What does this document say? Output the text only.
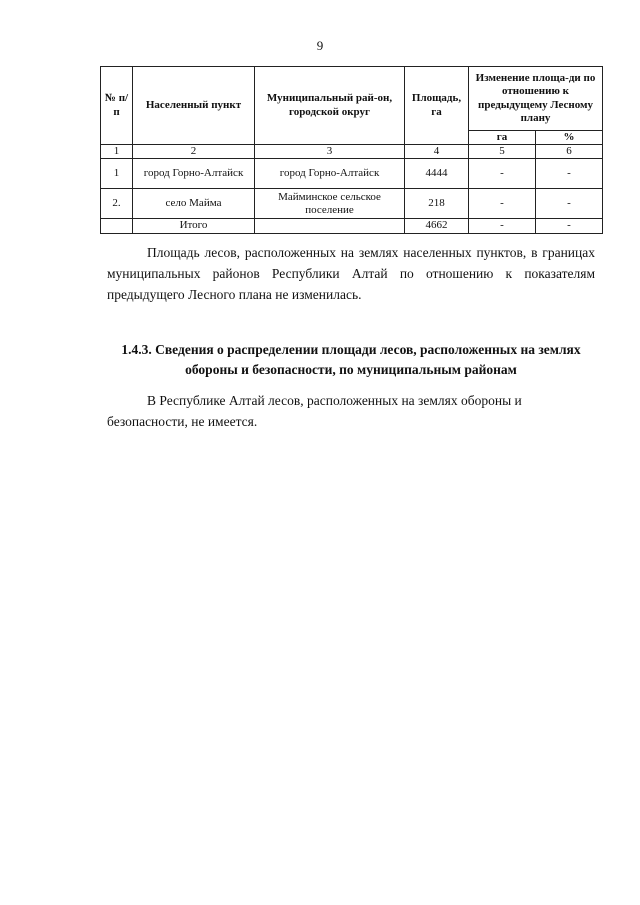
9
№ п/п	Населенный пункт	Муниципальный рай-он, городской округ	Площадь, га	Изменение площа-ди по отношению к предыдущему Лесному плану	
				га	%
1	2	3	4	5	6
1	город Горно-Алтайск	город Горно-Алтайск	4444	-	-
2.	село Майма	Майминское сельское поселение	218	-	-
	Итого		4662	-	-

Площадь лесов, расположенных на землях населенных пунктов, в границах муниципальных районов Республики Алтай по отношению к показателям предыдущего Лесного плана не изменилась.

1.4.3. Сведения о распределении площади лесов, расположенных на землях обороны и безопасности, по муниципальным районам

В Республике Алтай лесов, расположенных на землях обороны и безопасности, не имеется.
